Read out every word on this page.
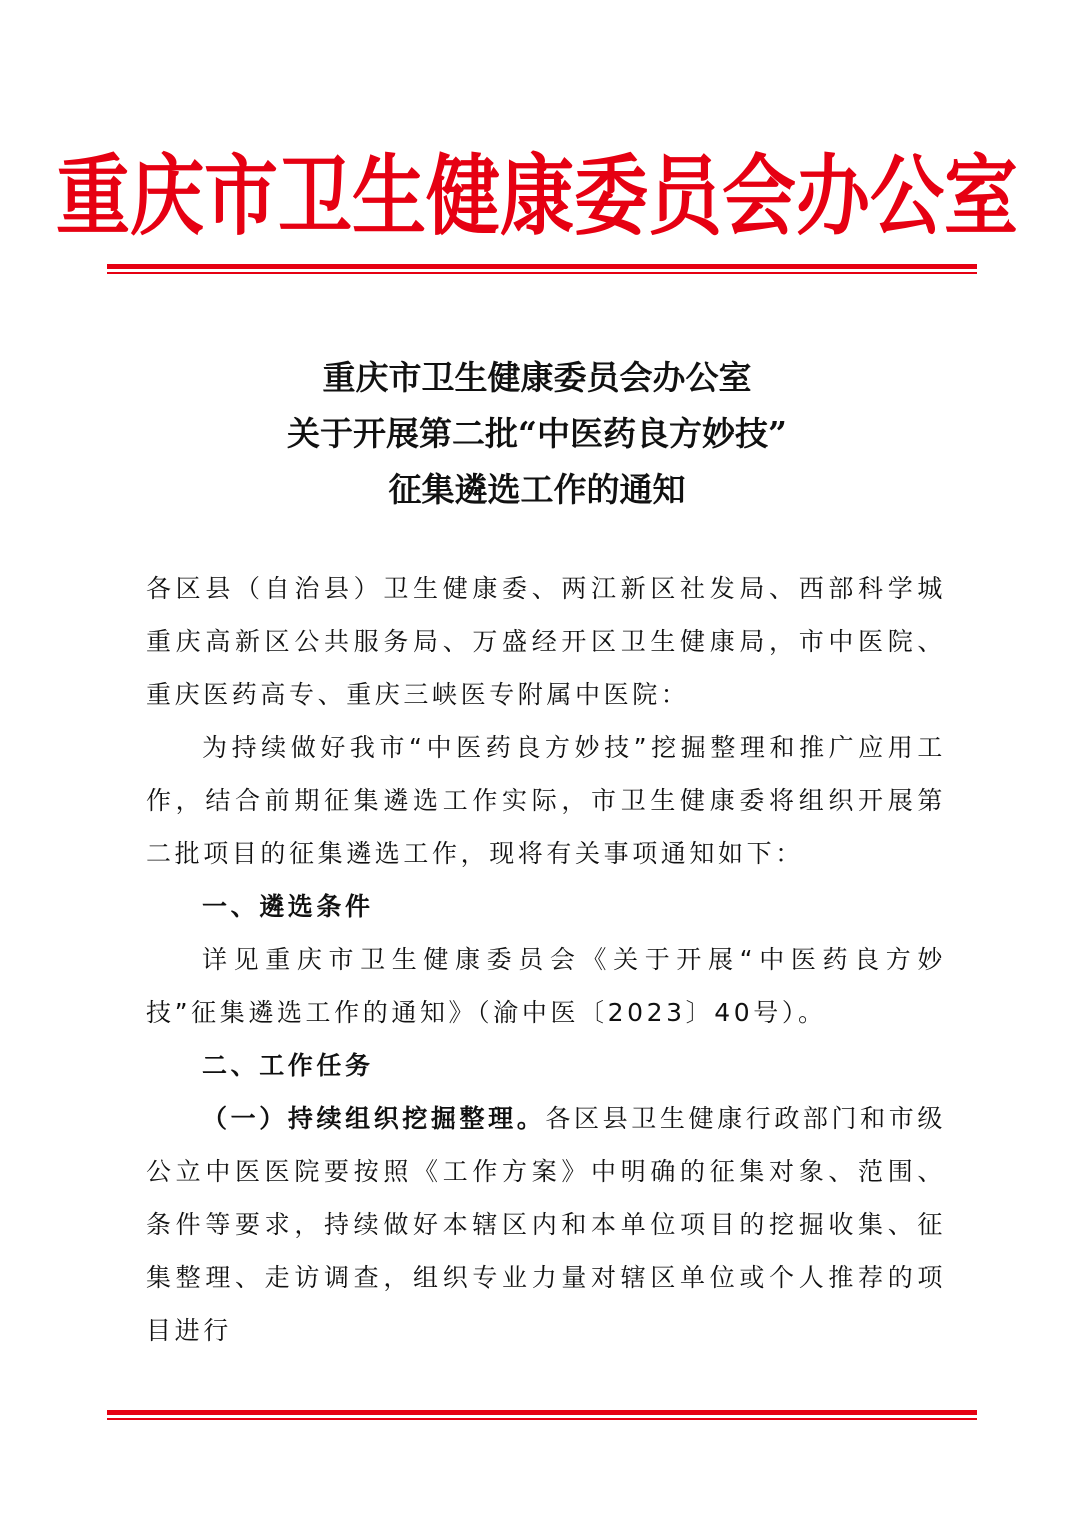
重庆市卫生健康委员会办公室
重庆市卫生健康委员会办公室
关于开展第二批“中医药良方妙技”
征集遴选工作的通知

各区县（自治县）卫生健康委、两江新区社发局、西部科学城重庆高新区公共服务局、万盛经开区卫生健康局，市中医院、重庆医药高专、重庆三峡医专附属中医院：

为持续做好我市“中医药良方妙技”挖掘整理和推广应用工作，结合前期征集遴选工作实际，市卫生健康委将组织开展第二批项目的征集遴选工作，现将有关事项通知如下：

一、遴选条件

详见重庆市卫生健康委员会《关于开展“中医药良方妙技”征集遴选工作的通知》（渝中医〔2023〕40号）。

二、工作任务

（一）持续组织挖掘整理。各区县卫生健康行政部门和市级公立中医医院要按照《工作方案》中明确的征集对象、范围、条件等要求，持续做好本辖区内和本单位项目的挖掘收集、征集整理、走访调查，组织专业力量对辖区单位或个人推荐的项目进行
